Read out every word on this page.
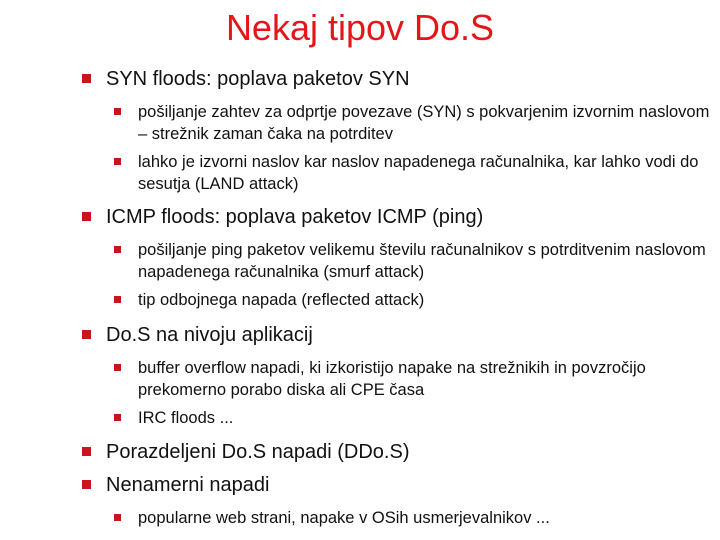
Nekaj tipov Do.S
SYN floods: poplava paketov SYN
pošiljanje zahtev za odprtje povezave (SYN) s pokvarjenim izvornim naslovom – strežnik zaman čaka na potrditev
lahko je izvorni naslov kar naslov napadenega računalnika, kar lahko vodi do sesutja (LAND attack)
ICMP floods: poplava paketov ICMP (ping)
pošiljanje ping paketov velikemu številu računalnikov s potrditvenim naslovom napadenega računalnika (smurf attack)
tip odbojnega napada (reflected attack)
Do.S na nivoju aplikacij
buffer overflow napadi, ki izkoristijo napake na strežnikih in povzročijo prekomerno porabo diska ali CPE časa
IRC floods ...
Porazdeljeni Do.S napadi (DDo.S)
Nenamerni napadi
popularne web strani, napake v OSih usmerjevalnikov ...
